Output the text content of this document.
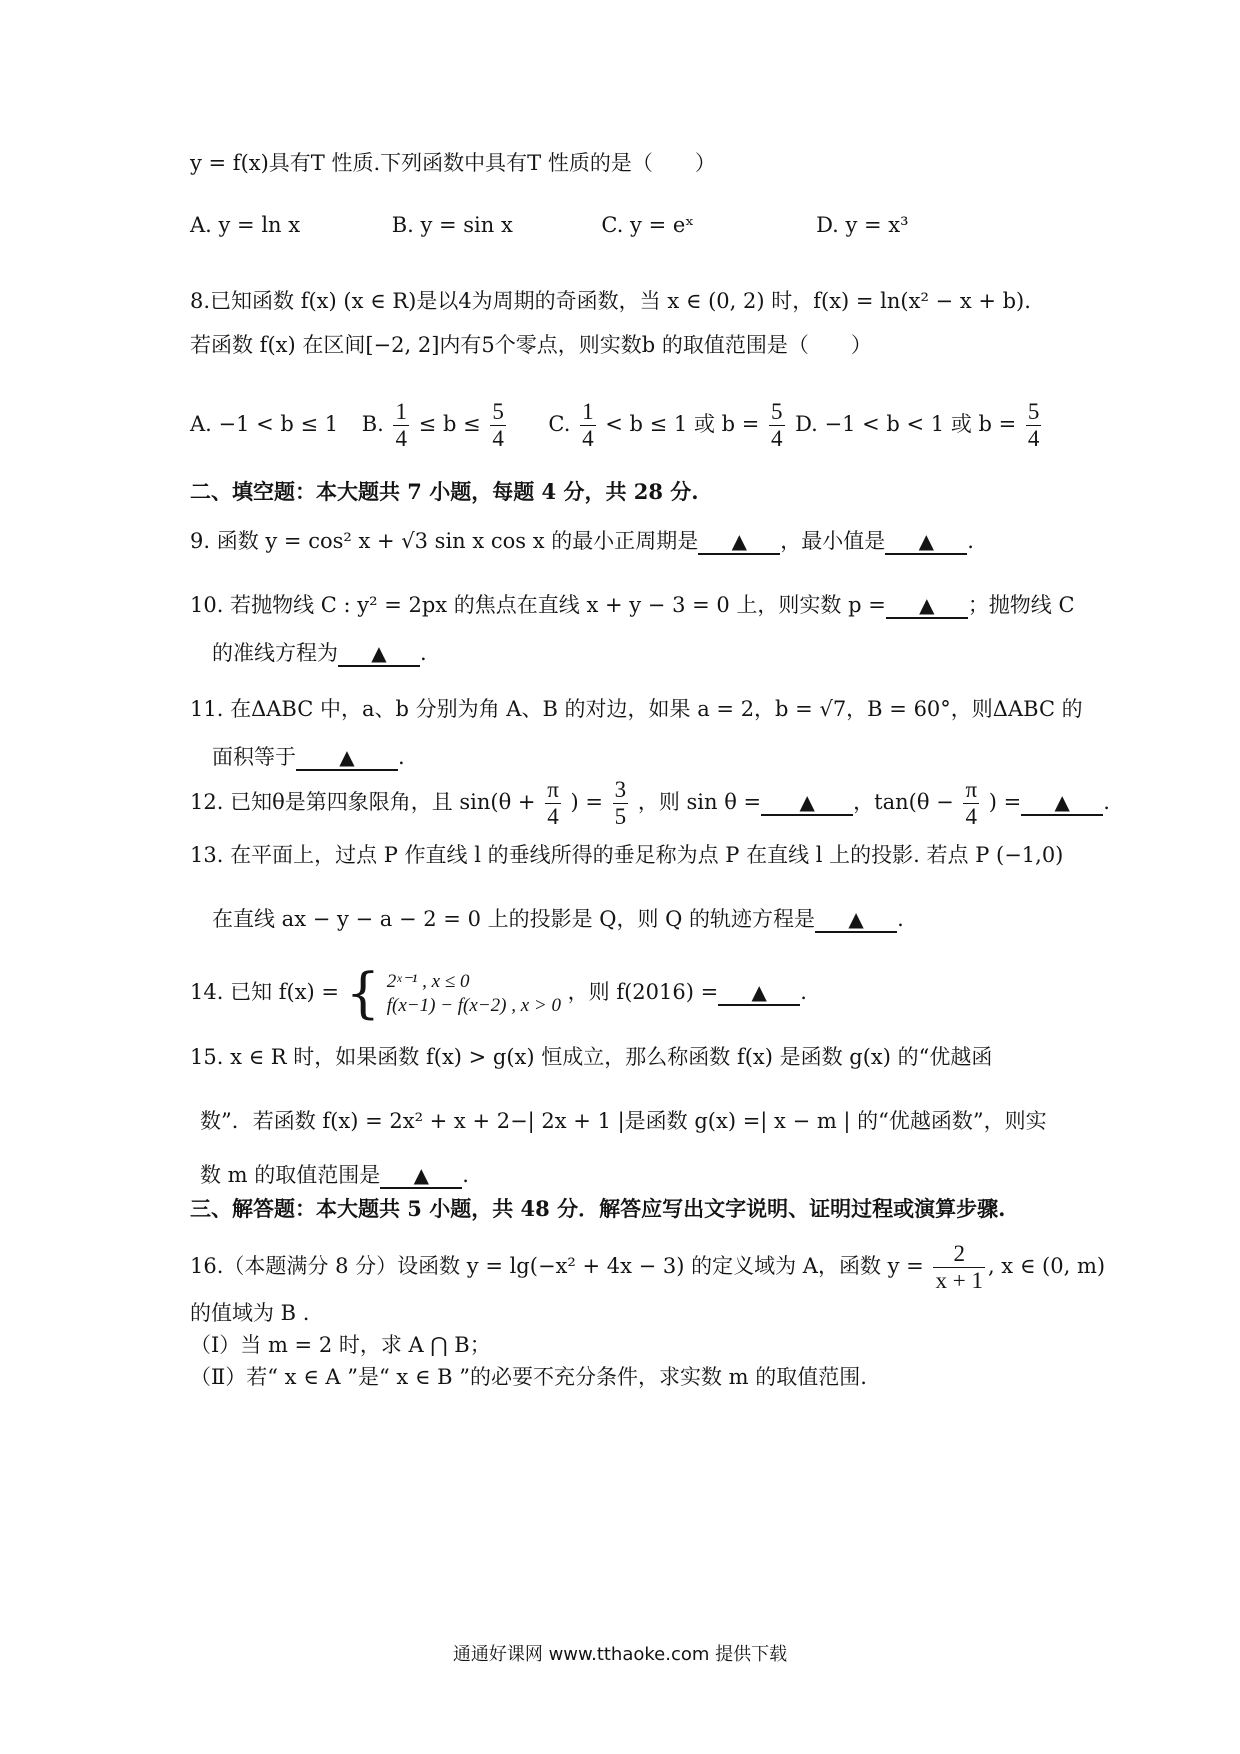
y = f(x)具有T 性质.下列函数中具有T 性质的是（　　）
A. y = ln x	B. y = sin x	C. y = eˣ	D. y = x³
8.已知函数 f(x) (x ∈ R)是以4为周期的奇函数，当 x ∈ (0, 2) 时，f(x) = ln(x² − x + b).
若函数 f(x) 在区间[−2, 2]内有5个零点，则实数b 的取值范围是（　　）
A. −1 < b ≤ 1 B. $\frac{1}{4} \le b \le \frac{5}{4} C$. $\frac{1}{4} < b \le 1$ 或 $b = \frac{5}{4} D$. −1 < b < 1 或 $b = \frac{5}{4}$
二、填空题：本大题共 7 小题，每题 4 分，共 28 分.
9. 函数 y = cos² x + √3 sin x cos x 的最小正周期是 ▲ ，最小值是 ▲ .
10. 若抛物线 C : y² = 2px 的焦点在直线 x + y − 3 = 0 上，则实数 p = ▲ ；抛物线 C
的准线方程为 ▲ .
11. 在ΔABC 中，a、b 分别为角 A、B 的对边，如果 a = 2，b = √7，B = 60°，则ΔABC 的
面积等于 ▲ .
12. 已知θ是第四象限角，且 $\sin(\theta + \frac{\pi}{4}$ ) = $\frac{3}{5}$ ，则 sin θ = ▲ ，$\tan(\theta - \frac{\pi}{4}$ ) = ▲ .
13. 在平面上，过点 P 作直线 l 的垂线所得的垂足称为点 P 在直线 l 上的投影. 若点 P (−1,0)
在直线 ax − y − a − 2 = 0 上的投影是 Q，则 Q 的轨迹方程是 ▲ .
14. 已知 f(x) = { 2ˣ⁻¹ , x ≤ 0
f(x−1) − f(x−2) , x > 0
，则 f(2016) = ▲ .
15. x ∈ R 时，如果函数 f(x) > g(x) 恒成立，那么称函数 f(x) 是函数 g(x) 的“优越函
数”．若函数 f(x) = 2x² + x + 2−| 2x + 1 |是函数 g(x) =| x − m | 的“优越函数”，则实
数 m 的取值范围是 ▲ .
三、解答题：本大题共 5 小题，共 48 分．解答应写出文字说明、证明过程或演算步骤.
16.（本题满分 8 分）设函数 y = lg(−x² + 4x − 3) 的定义域为 A，函数 $y = \frac{2}{x + 1}$ , x ∈ (0, m)
的值域为 B .
（Ⅰ）当 m = 2 时，求 A ⋂ B；
（Ⅱ）若“ x ∈ A ”是“ x ∈ B ”的必要不充分条件，求实数 m 的取值范围.
通通好课网 www.tthaoke.com 提供下载
